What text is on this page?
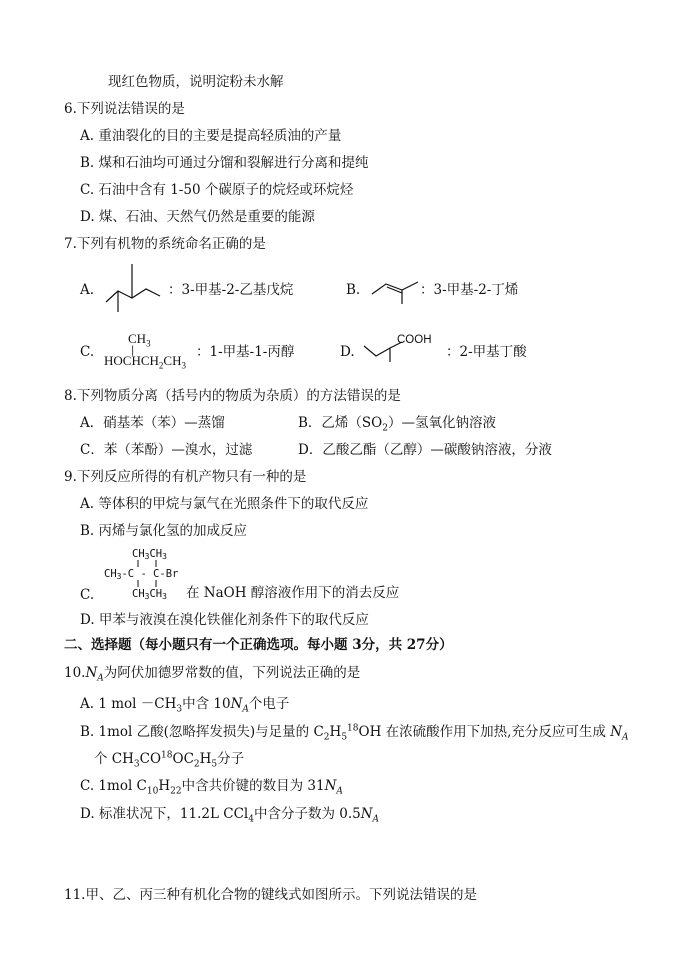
现红色物质，说明淀粉未水解
6.下列说法错误的是
A. 重油裂化的目的主要是提高轻质油的产量
B. 煤和石油均可通过分馏和裂解进行分离和提纯
C. 石油中含有 1-50 个碳原子的烷烃或环烷烃
D. 煤、石油、天然气仍然是重要的能源
7.下列有机物的系统命名正确的是
A.	：3-甲基-2-乙基戊烷	B.	：3-甲基-2-丁烯
C.
$CH_3$
|
$HOCHCH_2CH_3$
：1-甲基-1-丙醇	D.
COOH
：2-甲基丁酸
8.下列物质分离（括号内的物质为杂质）的方法错误的是
A．硝基苯（苯）—蒸馏	B．乙烯$(SO_2)—$氢氧化钠溶液
C．苯（苯酚）—溴水，过滤	D．乙酸乙酯（乙醇）—碳酸钠溶液，分液
9.下列反应所得的有机产物只有一种的是
A. 等体积的甲烷与氯气在光照条件下的取代反应
B. 丙烯与氯化氢的加成反应
CH3CH3
CH3-C - C-Br
CH3CH3
C.	在 NaOH 醇溶液作用下的消去反应
D. 甲苯与液溴在溴化铁催化剂条件下的取代反应
二、选择题（每小题只有一个正确选项。每小题 3分，共 27分）
$10.N_A$为阿伏加德罗常数的值，下列说法正确的是
A. 1 mol $-CH_3$中含 $10N_A$个电子
B. 1mol 乙酸(忽略挥发损失)与足量的 $C_2H_5^{18}OH$ 在浓硫酸作用下加热,充分反应可生成 $N_A$
个 $CH_3CO^{18}OC_2H_5$分子
C. 1mol $C_{10}H_{22}$中含共价键的数目为 $31N_A$
D. 标准状况下，11.2L CCl$_4$中含分子数为 $0.5N_A$
11.甲、乙、丙三种有机化合物的键线式如图所示。下列说法错误的是
